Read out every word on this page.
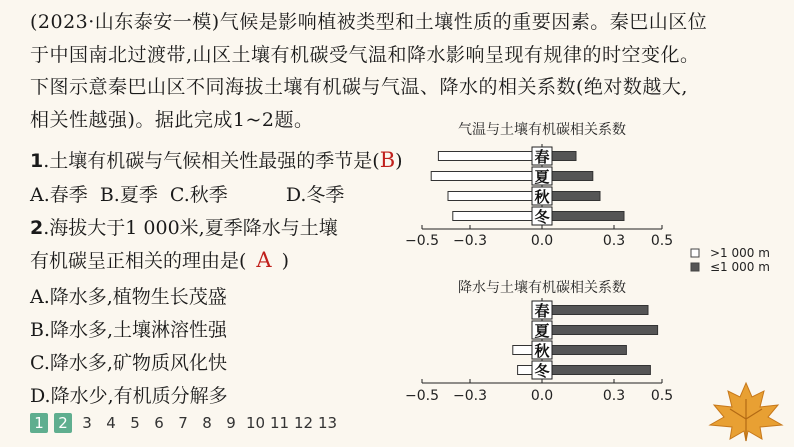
(2023·山东泰安一模)气候是影响植被类型和土壤性质的重要因素。秦巴山区位
于中国南北过渡带,山区土壤有机碳受气温和降水影响呈现有规律的时空变化。
下图示意秦巴山区不同海拔土壤有机碳与气温、降水的相关系数(绝对数越大,
相关性越强)。据此完成1~2题。
1.土壤有机碳与气候相关性最强的季节是(B)
A.春季 B.夏季 C.秋季	D.冬季
2.海拔大于1 000米,夏季降水与土壤
有机碳呈正相关的理由是( A )
A.降水多,植物生长茂盛
B.降水多,土壤淋溶性强
C.降水多,矿物质风化快
D.降水少,有机质分解多
气温与土壤有机碳相关系数
−0.5 −0.3	0.0	0.3 0.5
春
夏
秋
冬
降水与土壤有机碳相关系数
−0.5 −0.3	0.0	0.3 0.5
春
夏
秋
冬
>1 000 m
≤1 000 m
1 2 3 4 5 6 7 8 9 10 11 12 13
